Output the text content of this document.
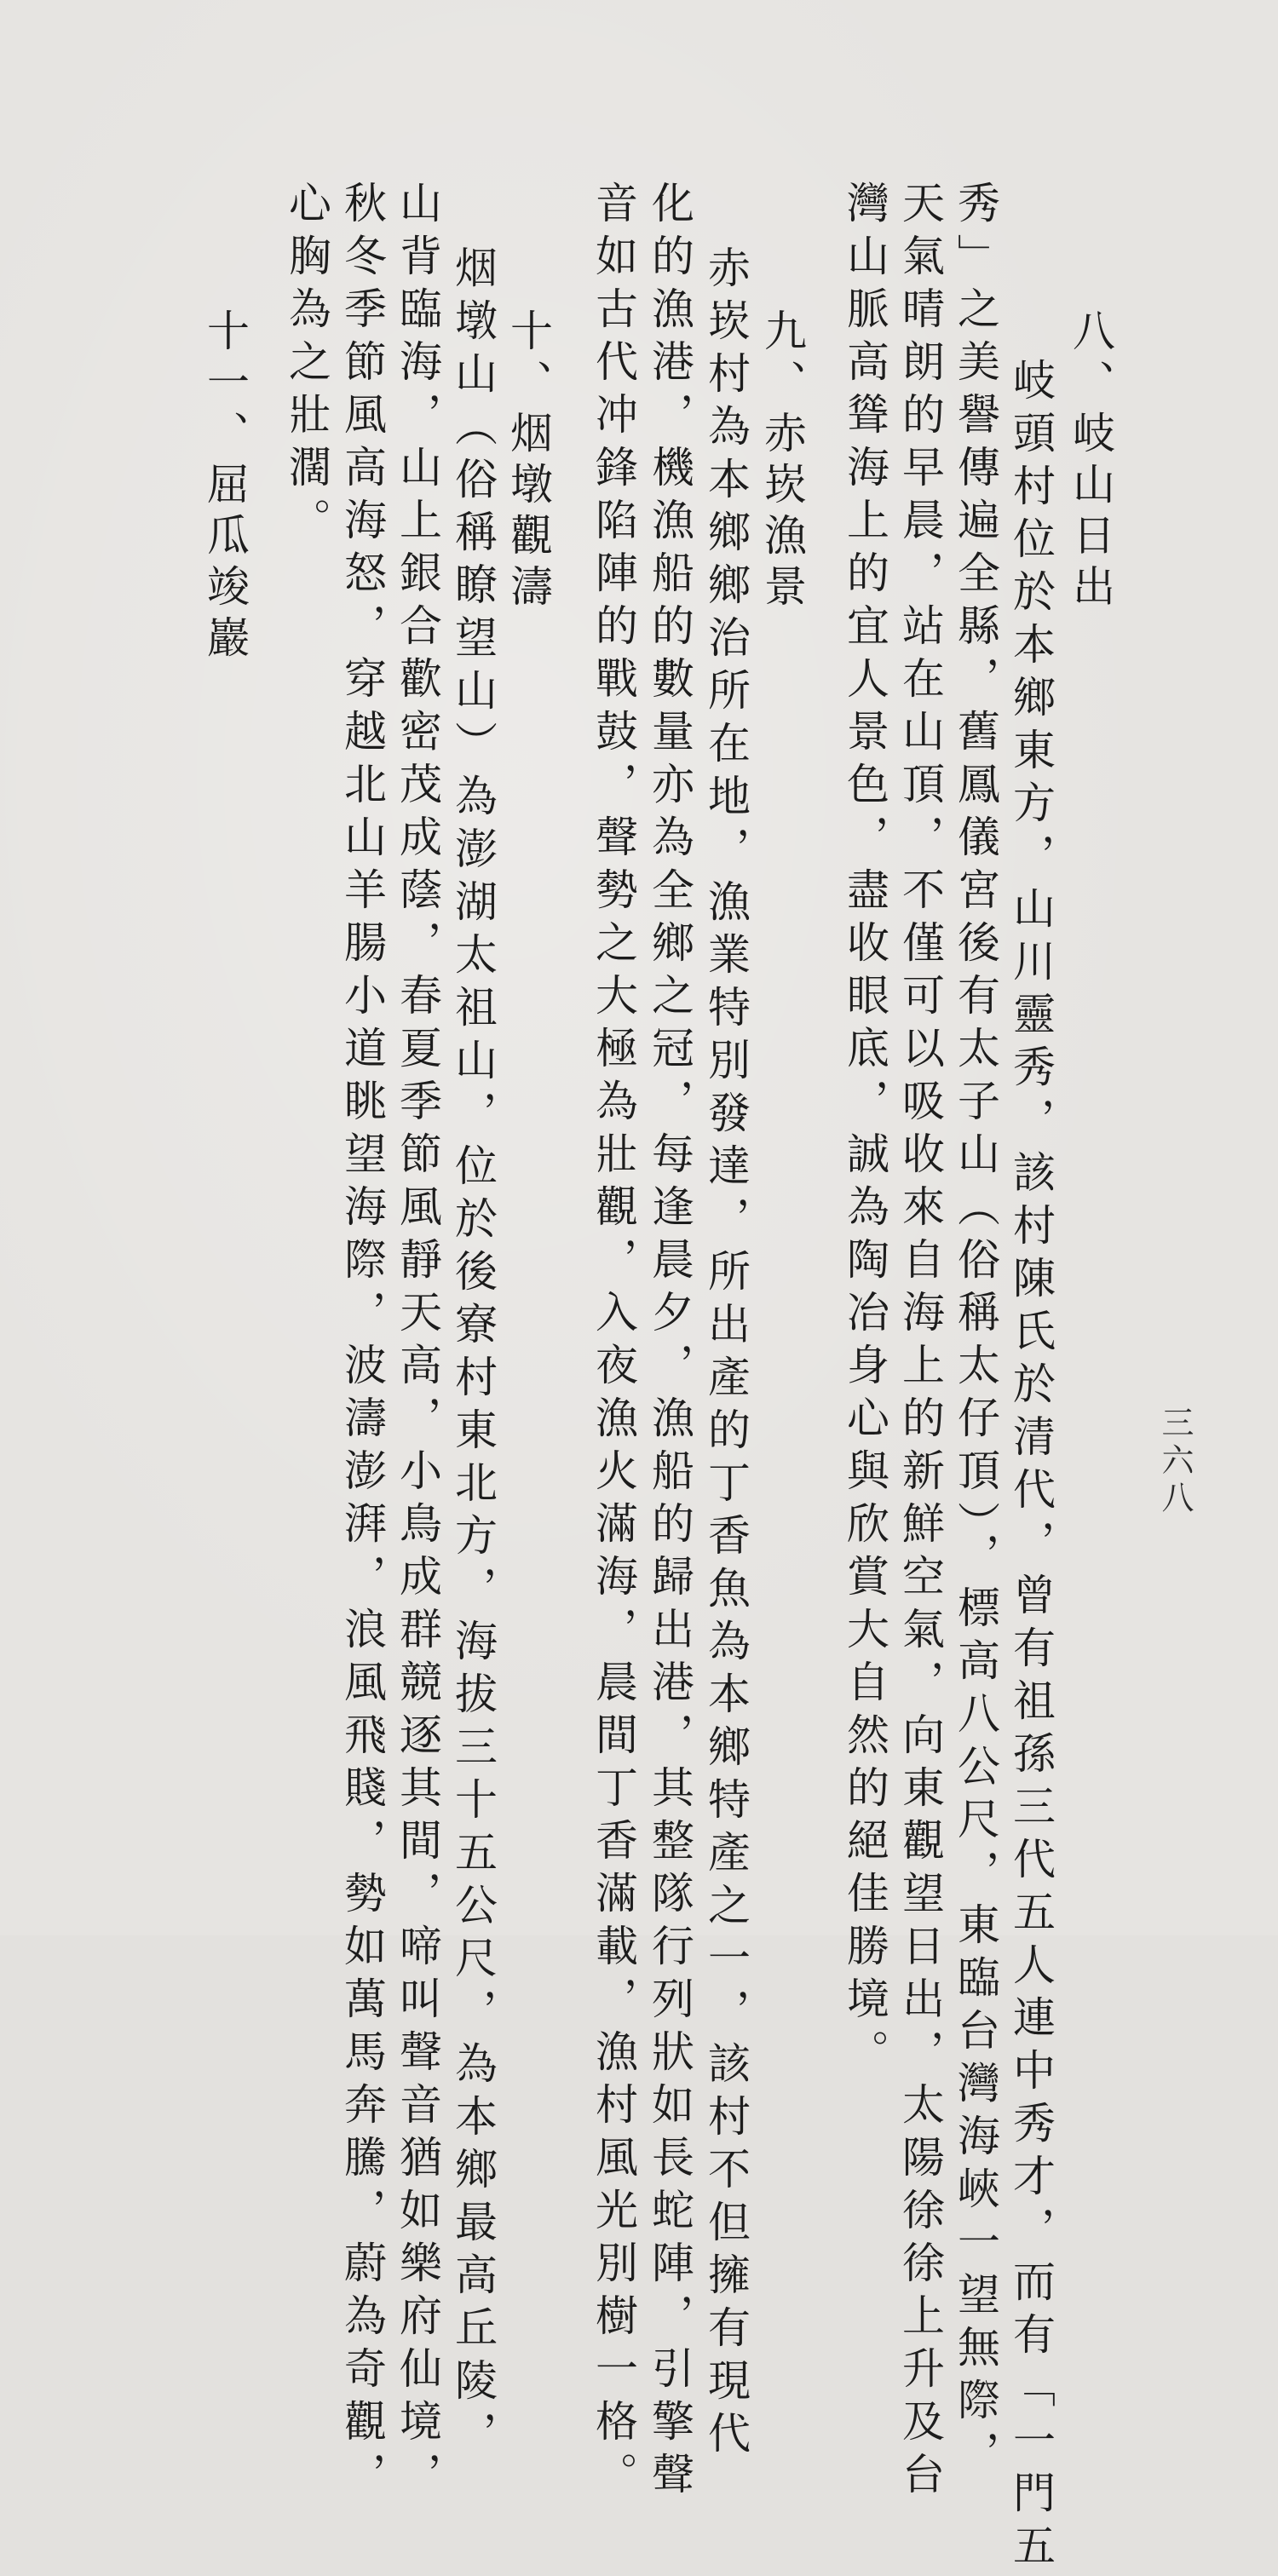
三六八
八、岐山日出
岐頭村位於本鄉東方，山川靈秀，該村陳氏於清代，曾有祖孫三代五人連中秀才，而有「一門五
秀」之美譽傳遍全縣，舊鳳儀宮後有太子山（俗稱太仔頂），標高八公尺，東臨台灣海峽一望無際，
天氣晴朗的早晨，站在山頂，不僅可以吸收來自海上的新鮮空氣，向東觀望日出，太陽徐徐上升及台
灣山脈高聳海上的宜人景色，盡收眼底，誠為陶冶身心與欣賞大自然的絕佳勝境。
九、赤崁漁景
赤崁村為本鄉鄉治所在地，漁業特別發達，所出產的丁香魚為本鄉特產之一，該村不但擁有現代
化的漁港，機漁船的數量亦為全鄉之冠，每逢晨夕，漁船的歸出港，其整隊行列狀如長蛇陣，引擎聲
音如古代冲鋒陷陣的戰鼓，聲勢之大極為壯觀，入夜漁火滿海，晨間丁香滿載，漁村風光別樹一格。
十、烟墩觀濤
烟墩山（俗稱瞭望山）為澎湖太祖山，位於後寮村東北方，海拔三十五公尺，為本鄉最高丘陵，
山背臨海，山上銀合歡密茂成蔭，春夏季節風靜天高，小鳥成群競逐其間，啼叫聲音猶如樂府仙境，
秋冬季節風高海怒，穿越北山羊腸小道眺望海際，波濤澎湃，浪風飛賤，勢如萬馬奔騰，蔚為奇觀，
心胸為之壯濶。
十一、屈瓜竣巖
